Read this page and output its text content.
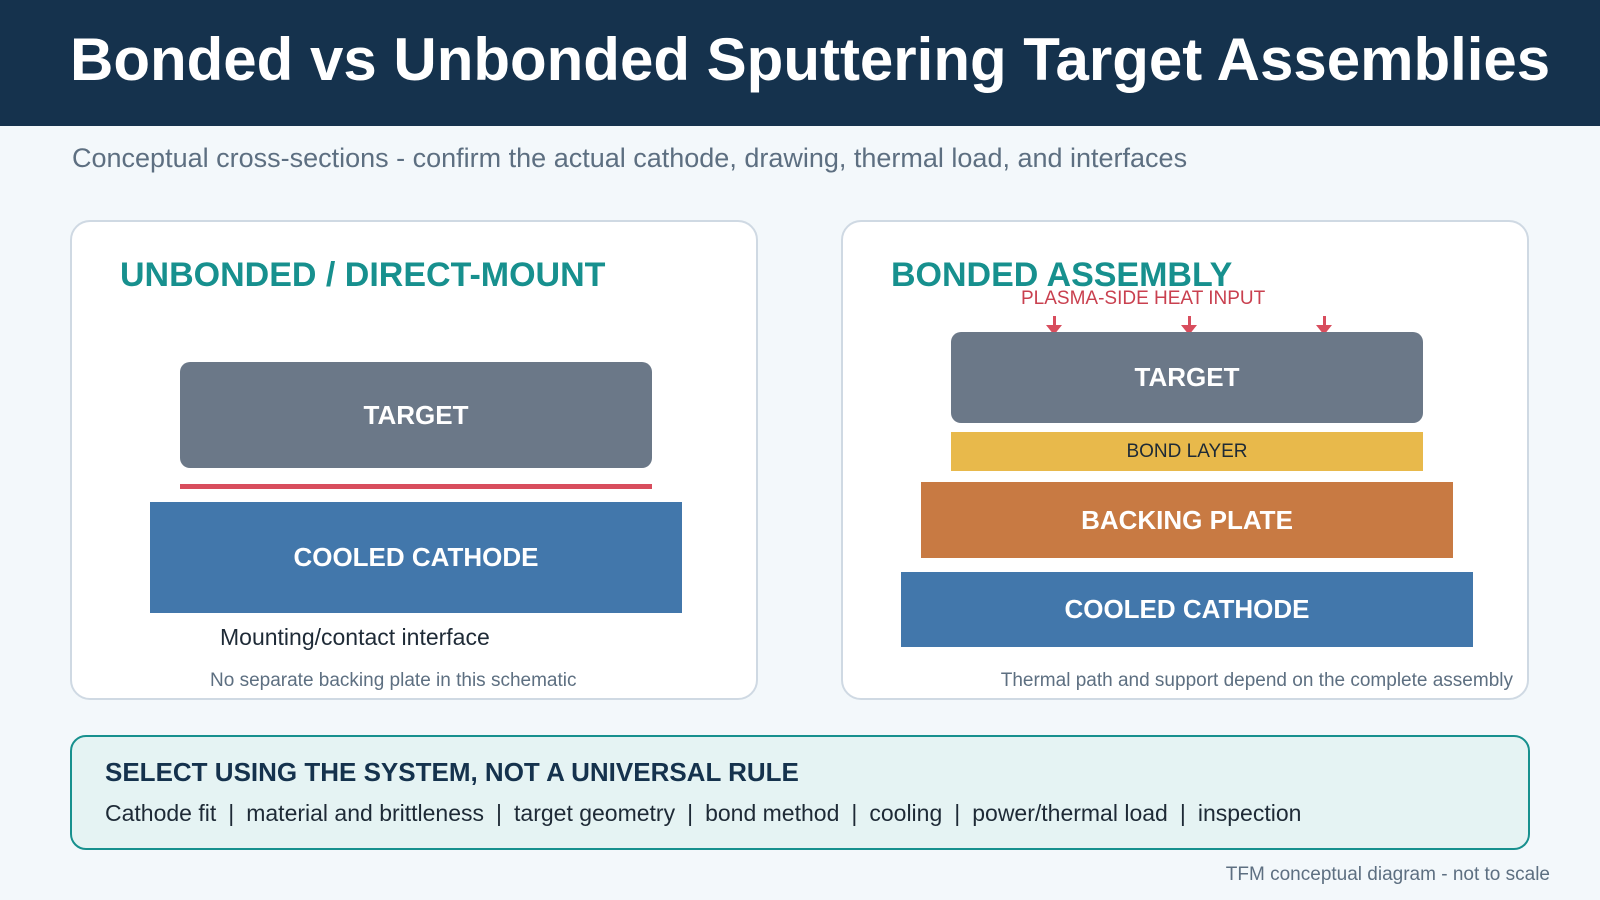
Bonded vs Unbonded Sputtering Target Assemblies
Conceptual cross-sections - confirm the actual cathode, drawing, thermal load, and interfaces
UNBONDED / DIRECT-MOUNT
TARGET
COOLED CATHODE
Mounting/contact interface
No separate backing plate in this schematic
BONDED ASSEMBLY
PLASMA-SIDE HEAT INPUT
TARGET
BOND LAYER
BACKING PLATE
COOLED CATHODE
Thermal path and support depend on the complete assembly
SELECT USING THE SYSTEM, NOT A UNIVERSAL RULE
Cathode fit | material and brittleness | target geometry | bond method | cooling | power/thermal load | inspection
TFM conceptual diagram - not to scale
